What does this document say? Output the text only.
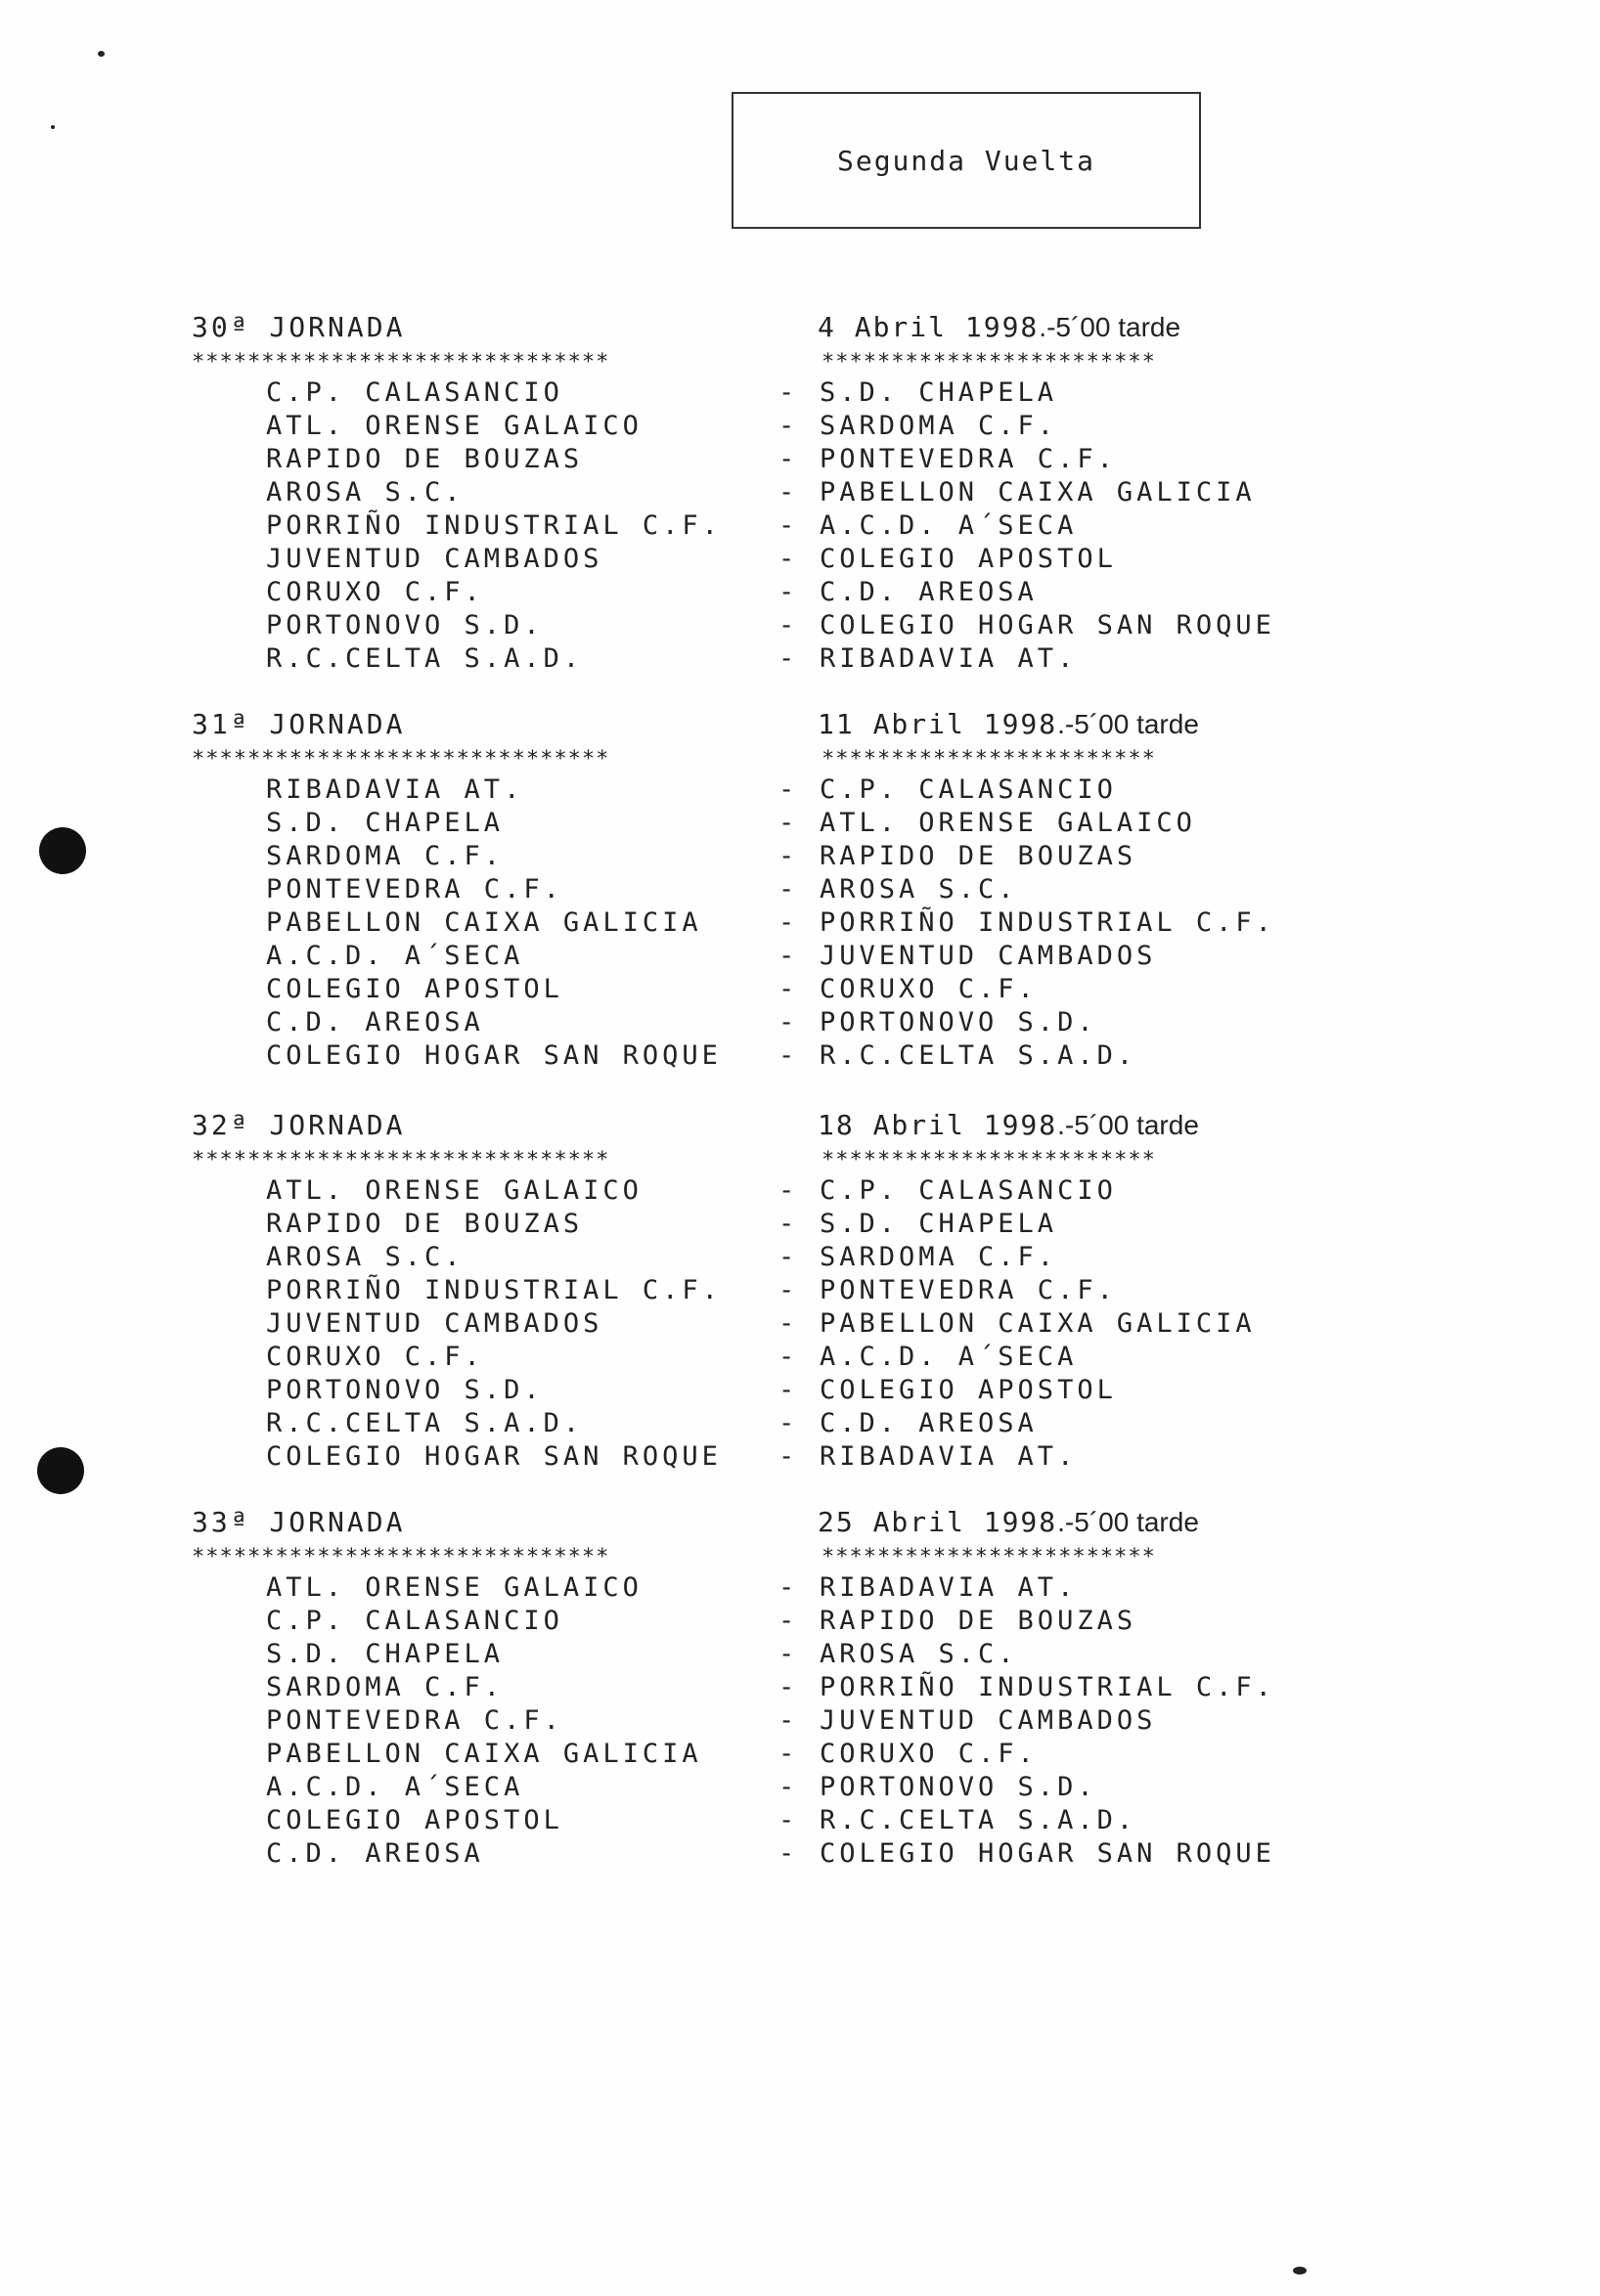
Segunda Vuelta
30ª JORNADA	4 Abril 1998.-5´00 tarde
******************************	************************
C.P. CALASANCIO	- S.D. CHAPELA
ATL. ORENSE GALAICO	- SARDOMA C.F.
RAPIDO DE BOUZAS	- PONTEVEDRA C.F.
AROSA S.C.	- PABELLON CAIXA GALICIA
PORRIÑO INDUSTRIAL C.F. - A.C.D. A´SECA
JUVENTUD CAMBADOS	- COLEGIO APOSTOL
CORUXO C.F.	- C.D. AREOSA
PORTONOVO S.D.	- COLEGIO HOGAR SAN ROQUE
R.C.CELTA S.A.D.	- RIBADAVIA AT.
31ª JORNADA	11 Abril 1998.-5´00 tarde
******************************	************************
RIBADAVIA AT.	- C.P. CALASANCIO
S.D. CHAPELA	- ATL. ORENSE GALAICO
SARDOMA C.F.	- RAPIDO DE BOUZAS
PONTEVEDRA C.F.	- AROSA S.C.
PABELLON CAIXA GALICIA	- PORRIÑO INDUSTRIAL C.F.
A.C.D. A´SECA	- JUVENTUD CAMBADOS
COLEGIO APOSTOL	- CORUXO C.F.
C.D. AREOSA	- PORTONOVO S.D.
COLEGIO HOGAR SAN ROQUE - R.C.CELTA S.A.D.
32ª JORNADA	18 Abril 1998.-5´00 tarde
******************************	************************
ATL. ORENSE GALAICO	- C.P. CALASANCIO
RAPIDO DE BOUZAS	- S.D. CHAPELA
AROSA S.C.	- SARDOMA C.F.
PORRIÑO INDUSTRIAL C.F. - PONTEVEDRA C.F.
JUVENTUD CAMBADOS	- PABELLON CAIXA GALICIA
CORUXO C.F.	- A.C.D. A´SECA
PORTONOVO S.D.	- COLEGIO APOSTOL
R.C.CELTA S.A.D.	- C.D. AREOSA
COLEGIO HOGAR SAN ROQUE - RIBADAVIA AT.
33ª JORNADA	25 Abril 1998.-5´00 tarde
******************************	************************
ATL. ORENSE GALAICO	- RIBADAVIA AT.
C.P. CALASANCIO	- RAPIDO DE BOUZAS
S.D. CHAPELA	- AROSA S.C.
SARDOMA C.F.	- PORRIÑO INDUSTRIAL C.F.
PONTEVEDRA C.F.	- JUVENTUD CAMBADOS
PABELLON CAIXA GALICIA	- CORUXO C.F.
A.C.D. A´SECA	- PORTONOVO S.D.
COLEGIO APOSTOL	- R.C.CELTA S.A.D.
C.D. AREOSA	- COLEGIO HOGAR SAN ROQUE
